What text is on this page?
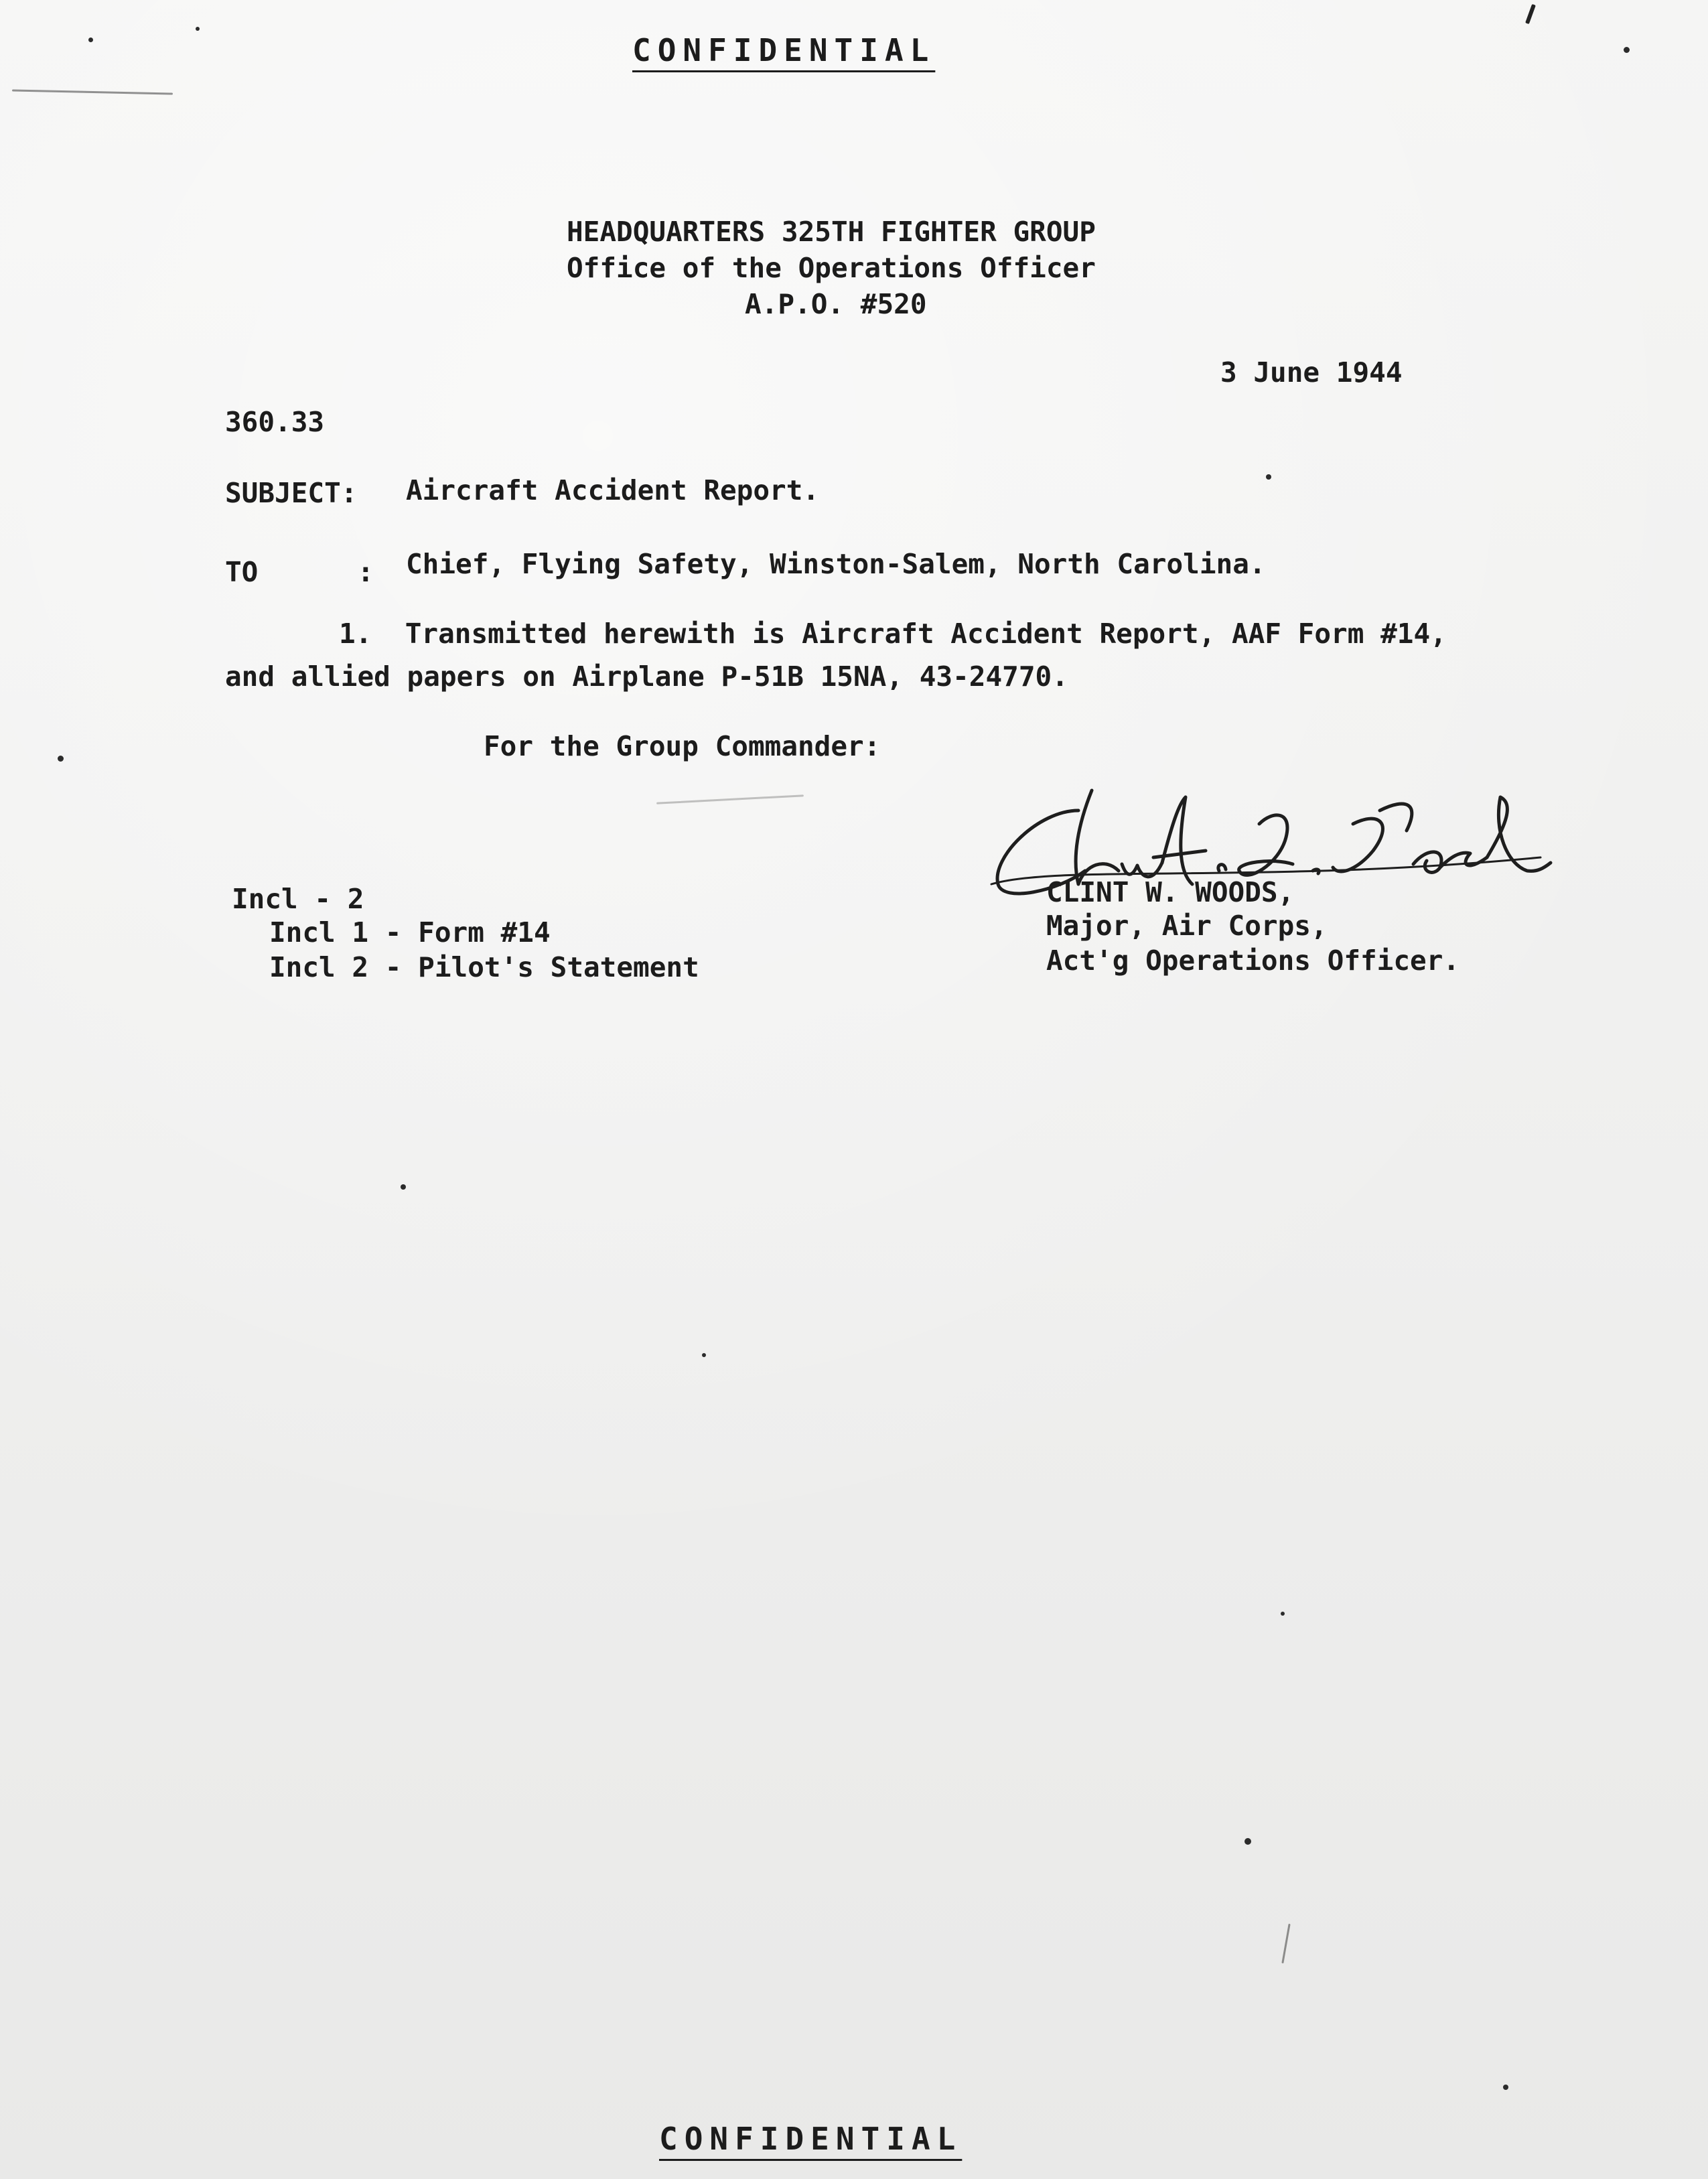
CONFIDENTIAL
HEADQUARTERS 325TH FIGHTER GROUP
Office of the Operations Officer
A.P.O. #520
3 June 1944
360.33
SUBJECT: Aircraft Accident Report.
TO      : Chief, Flying Safety, Winston-Salem, North Carolina.
1.  Transmitted herewith is Aircraft Accident Report, AAF Form #14,
and allied papers on Airplane P-51B 15NA, 43-24770.
For the Group Commander:
Incl - 2
Incl 1 - Form #14
Incl 2 - Pilot's Statement
CLINT W. WOODS,
Major, Air Corps,
Act'g Operations Officer.
CONFIDENTIAL
